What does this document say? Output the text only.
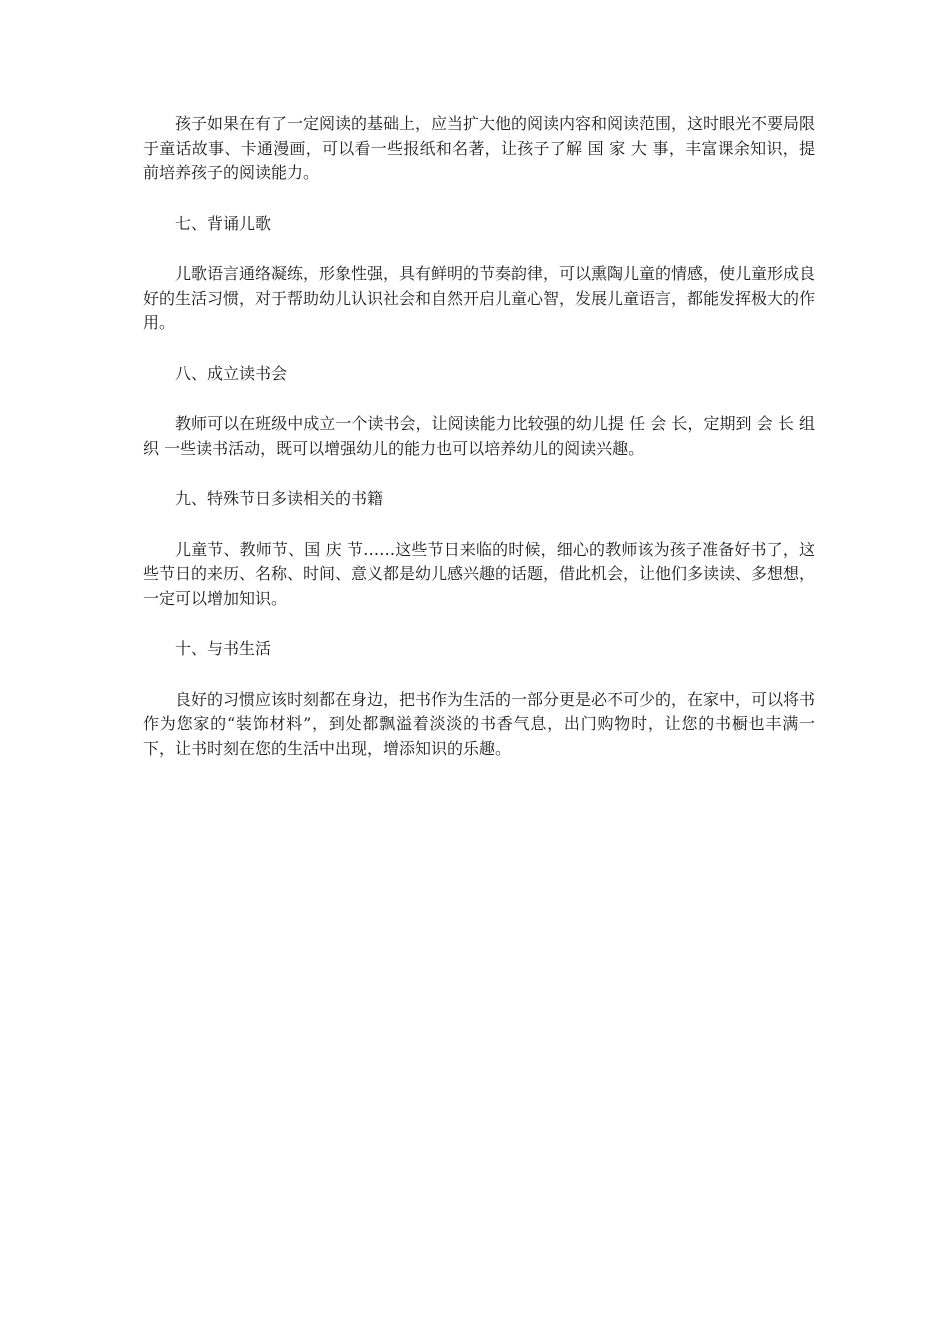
孩子如果在有了一定阅读的基础上，应当扩大他的阅读内容和阅读范围，这时眼光不要局限于童话故事、卡通漫画，可以看一些报纸和名著，让孩子了解 国 家 大 事，丰富课余知识，提前培养孩子的阅读能力。

七、背诵儿歌

儿歌语言通络凝练，形象性强，具有鲜明的节奏韵律，可以熏陶儿童的情感，使儿童形成良好的生活习惯，对于帮助幼儿认识社会和自然开启儿童心智，发展儿童语言，都能发挥极大的作用。

八、成立读书会

教师可以在班级中成立一个读书会，让阅读能力比较强的幼儿提 任 会 长，定期到 会 长 组 织 一些读书活动，既可以增强幼儿的能力也可以培养幼儿的阅读兴趣。

九、特殊节日多读相关的书籍

儿童节、教师节、国 庆 节……这些节日来临的时候，细心的教师该为孩子准备好书了，这些节日的来历、名称、时间、意义都是幼儿感兴趣的话题，借此机会，让他们多读读、多想想，一定可以增加知识。

十、与书生活

良好的习惯应该时刻都在身边，把书作为生活的一部分更是必不可少的，在家中，可以将书作为您家的“装饰材料”，到处都飘溢着淡淡的书香气息，出门购物时，让您的书橱也丰满一下，让书时刻在您的生活中出现，增添知识的乐趣。
